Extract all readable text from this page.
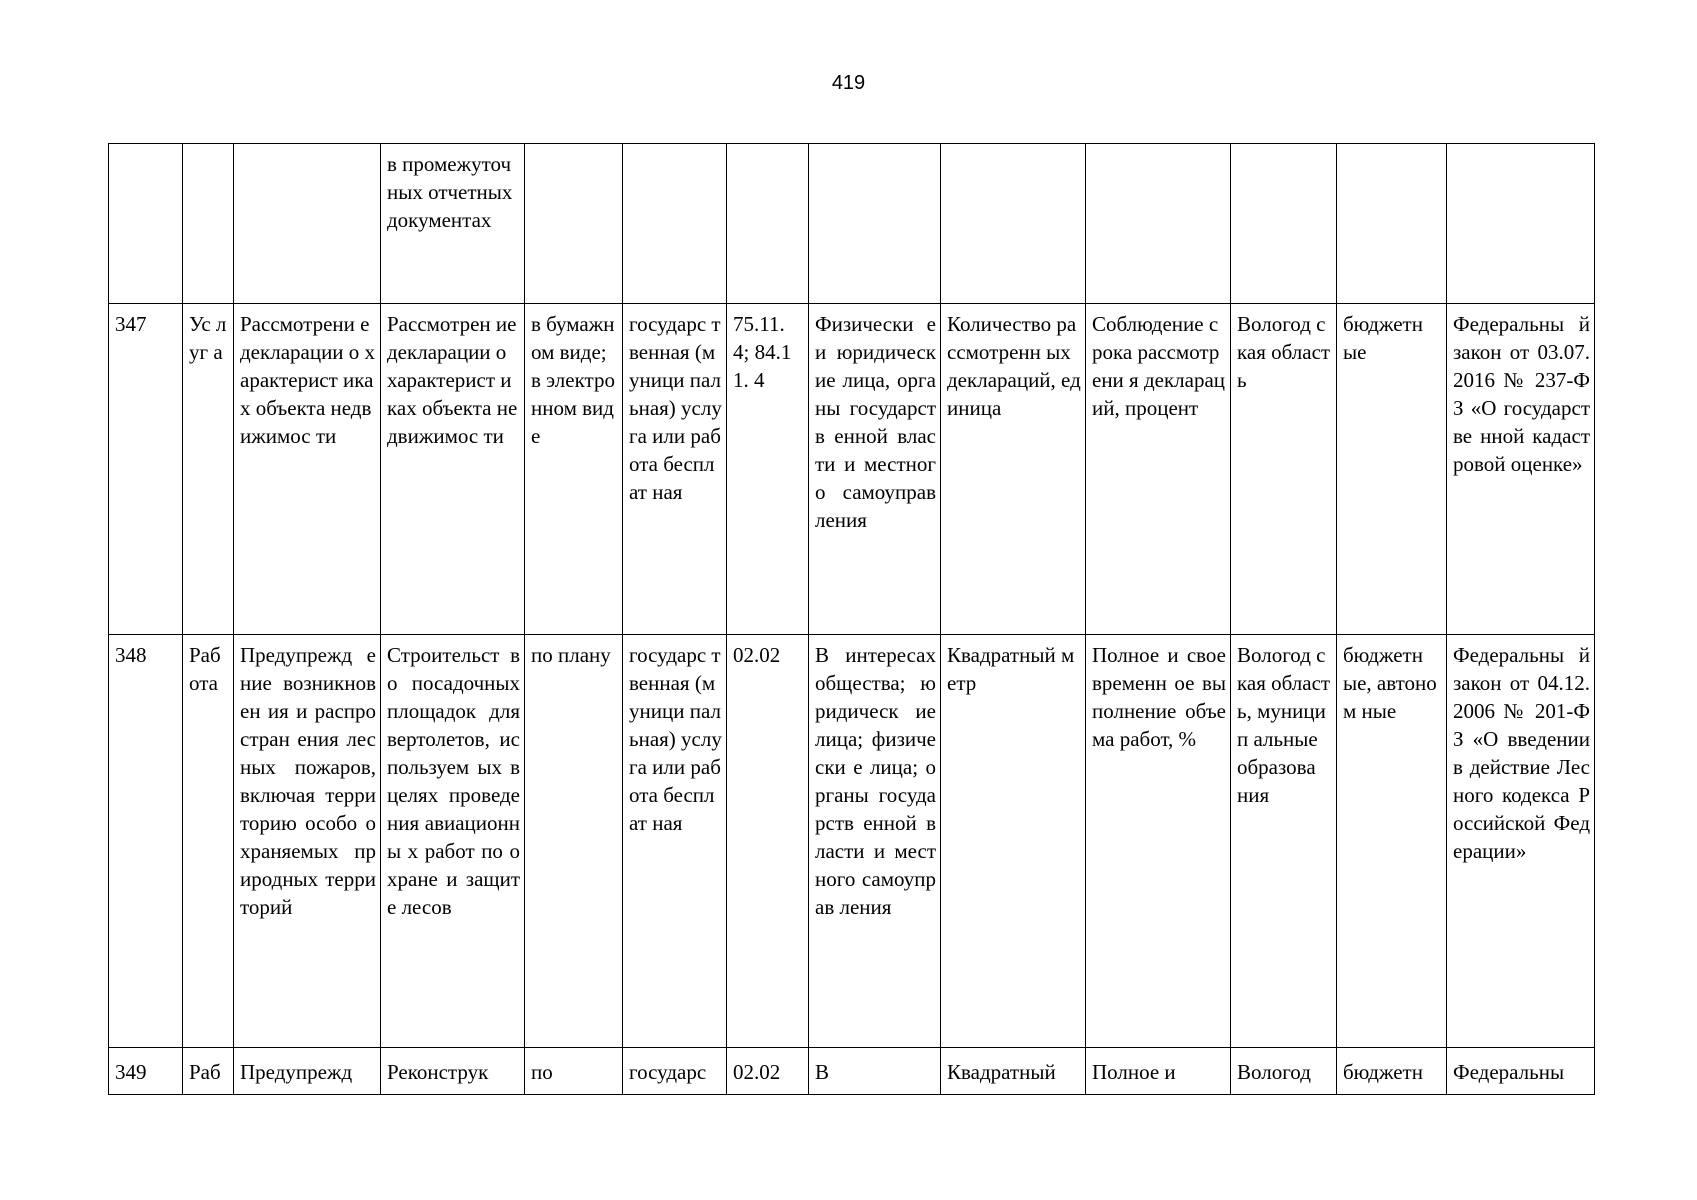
419
			в промежуточ ных отчетных документах									
347	Ус луг а	Рассмотрени е декларации о характерист иках объекта недвижимос ти	Рассмотрен ие декларации о характерист иках объекта недвижимос ти	в бумажн ом виде; в электро нном виде	государс твенная (муници пальная) услуга или работа бесплат ная	75.11. 4; 84.11. 4	Физически е и юридическ ие лица, органы государств енной власти и местного самоуправ ления	Количество рассмотренн ых деклараций, единица	Соблюдение срока рассмотрени я деклараций, процент	Вологод ская область	бюджетн ые	Федеральны й закон от 03.07.2016 № 237-ФЗ «О государстве нной кадастровой оценке»
348	Раб ота	Предупрежд ение возникновен ия и распростран ения лесных пожаров, включая территорию особо охраняемых природных территорий	Строительст во посадочных площадок для вертолетов, используем ых в целях проведения авиационны х работ по охране и защите лесов	по плану	государс твенная (муници пальная) услуга или работа бесплат ная	02.02	В интересах общества; юридическ ие лица; физически е лица; органы государств енной власти и местного самоуправ ления	Квадратный метр	Полное и своевременн ое выполнение объема работ, %	Вологод ская область, муницип альные образова ния	бюджетн ые, автоном ные	Федеральны й закон от 04.12.2006 № 201-ФЗ «О введении в действие Лесного кодекса Российской Федерации»
349	Раб	Предупрежд	Реконструк	по	государс	02.02	В	Квадратный	Полное и	Вологод	бюджетн	Федеральны
